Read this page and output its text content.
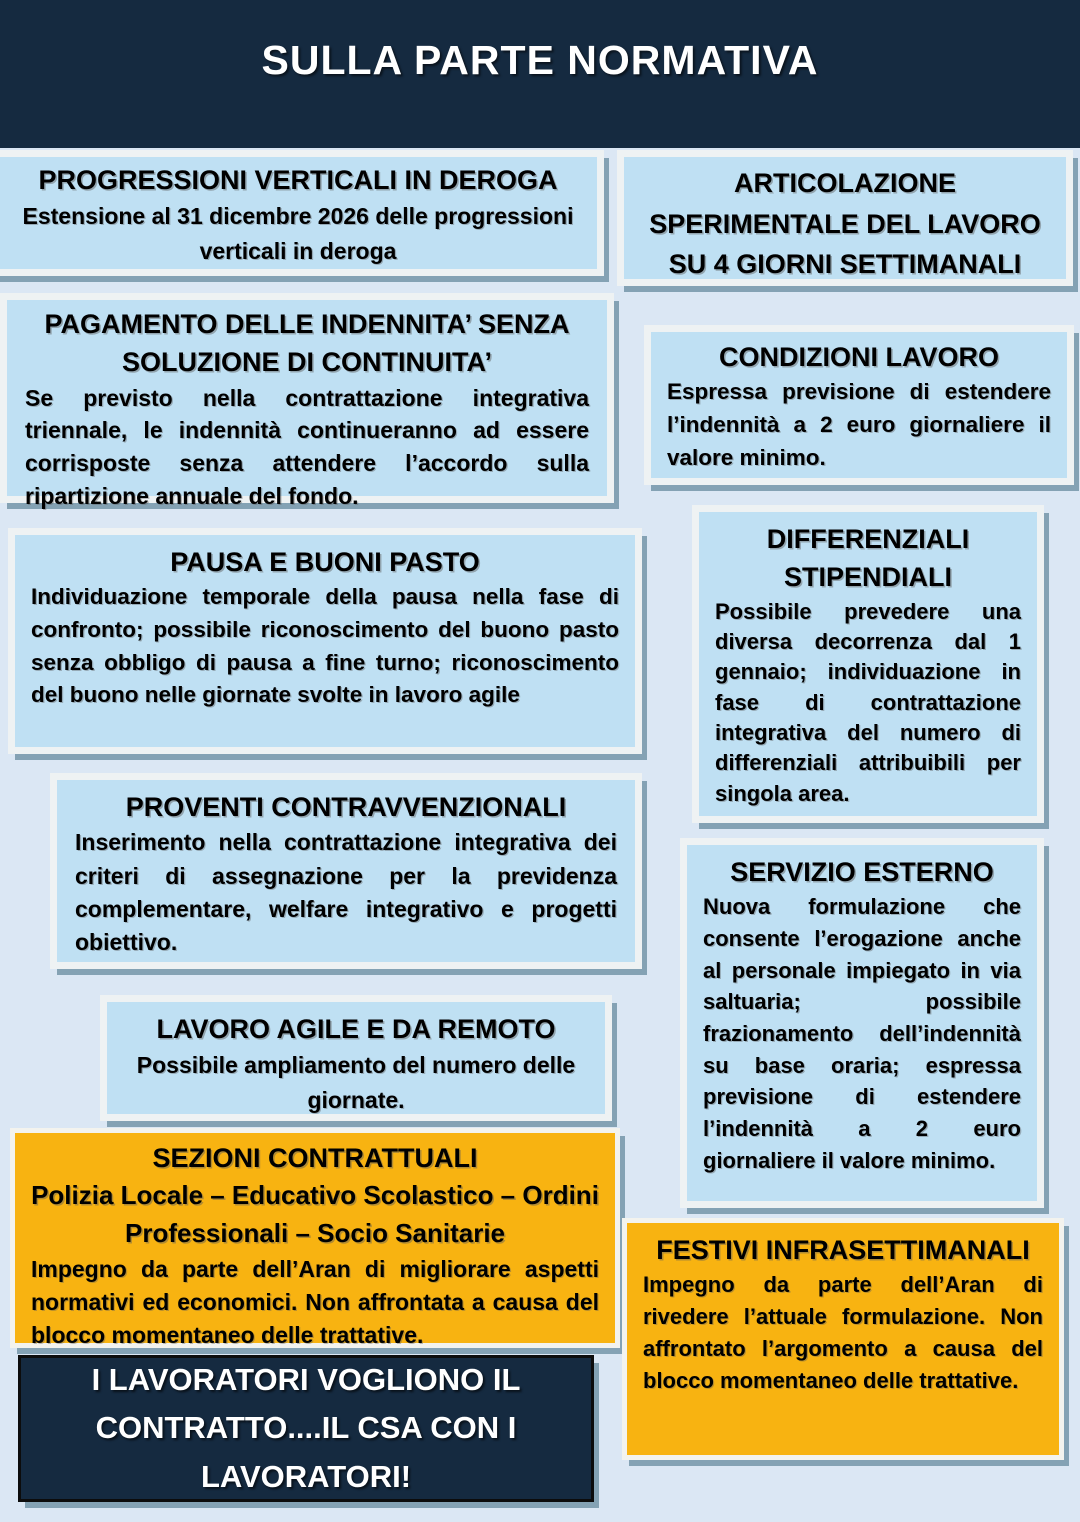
SULLA PARTE NORMATIVA
PROGRESSIONI VERTICALI IN DEROGA
Estensione al 31 dicembre 2026 delle progressioni verticali in deroga
ARTICOLAZIONE SPERIMENTALE DEL LAVORO SU 4 GIORNI SETTIMANALI
PAGAMENTO DELLE INDENNITA’ SENZA SOLUZIONE DI CONTINUITA’
Se previsto nella contrattazione integrativa triennale, le indennità continueranno ad essere corrisposte senza attendere l’accordo sulla ripartizione annuale del fondo.
CONDIZIONI LAVORO
Espressa previsione di estendere l’indennità a 2 euro giornaliere il valore minimo.
PAUSA E BUONI PASTO
Individuazione temporale della pausa nella fase di confronto; possibile riconoscimento del buono pasto senza obbligo di pausa a fine turno; riconoscimento del buono nelle giornate svolte in lavoro agile
DIFFERENZIALI STIPENDIALI
Possibile prevedere una diversa decorrenza dal 1 gennaio; individuazione in fase di contrattazione integrativa del numero di differenziali attribuibili per singola area.
PROVENTI CONTRAVVENZIONALI
Inserimento nella contrattazione integrativa dei criteri di assegnazione per la previdenza complementare, welfare integrativo e progetti obiettivo.
SERVIZIO ESTERNO
Nuova formulazione che consente l’erogazione anche al personale impiegato in via saltuaria; possibile frazionamento dell’indennità su base oraria; espressa previsione di estendere l’indennità a 2 euro giornaliere il valore minimo.
LAVORO AGILE E DA REMOTO
Possibile ampliamento del numero delle giornate.
SEZIONI CONTRATTUALI
Polizia Locale – Educativo Scolastico – Ordini Professionali – Socio Sanitarie
Impegno da parte dell’Aran di migliorare aspetti normativi ed economici. Non affrontata a causa del blocco momentaneo delle trattative.
FESTIVI INFRASETTIMANALI
Impegno da parte dell’Aran di rivedere l’attuale formulazione. Non affrontato l’argomento a causa del blocco momentaneo delle trattative.
I LAVORATORI VOGLIONO IL CONTRATTO....IL CSA CON I LAVORATORI!
